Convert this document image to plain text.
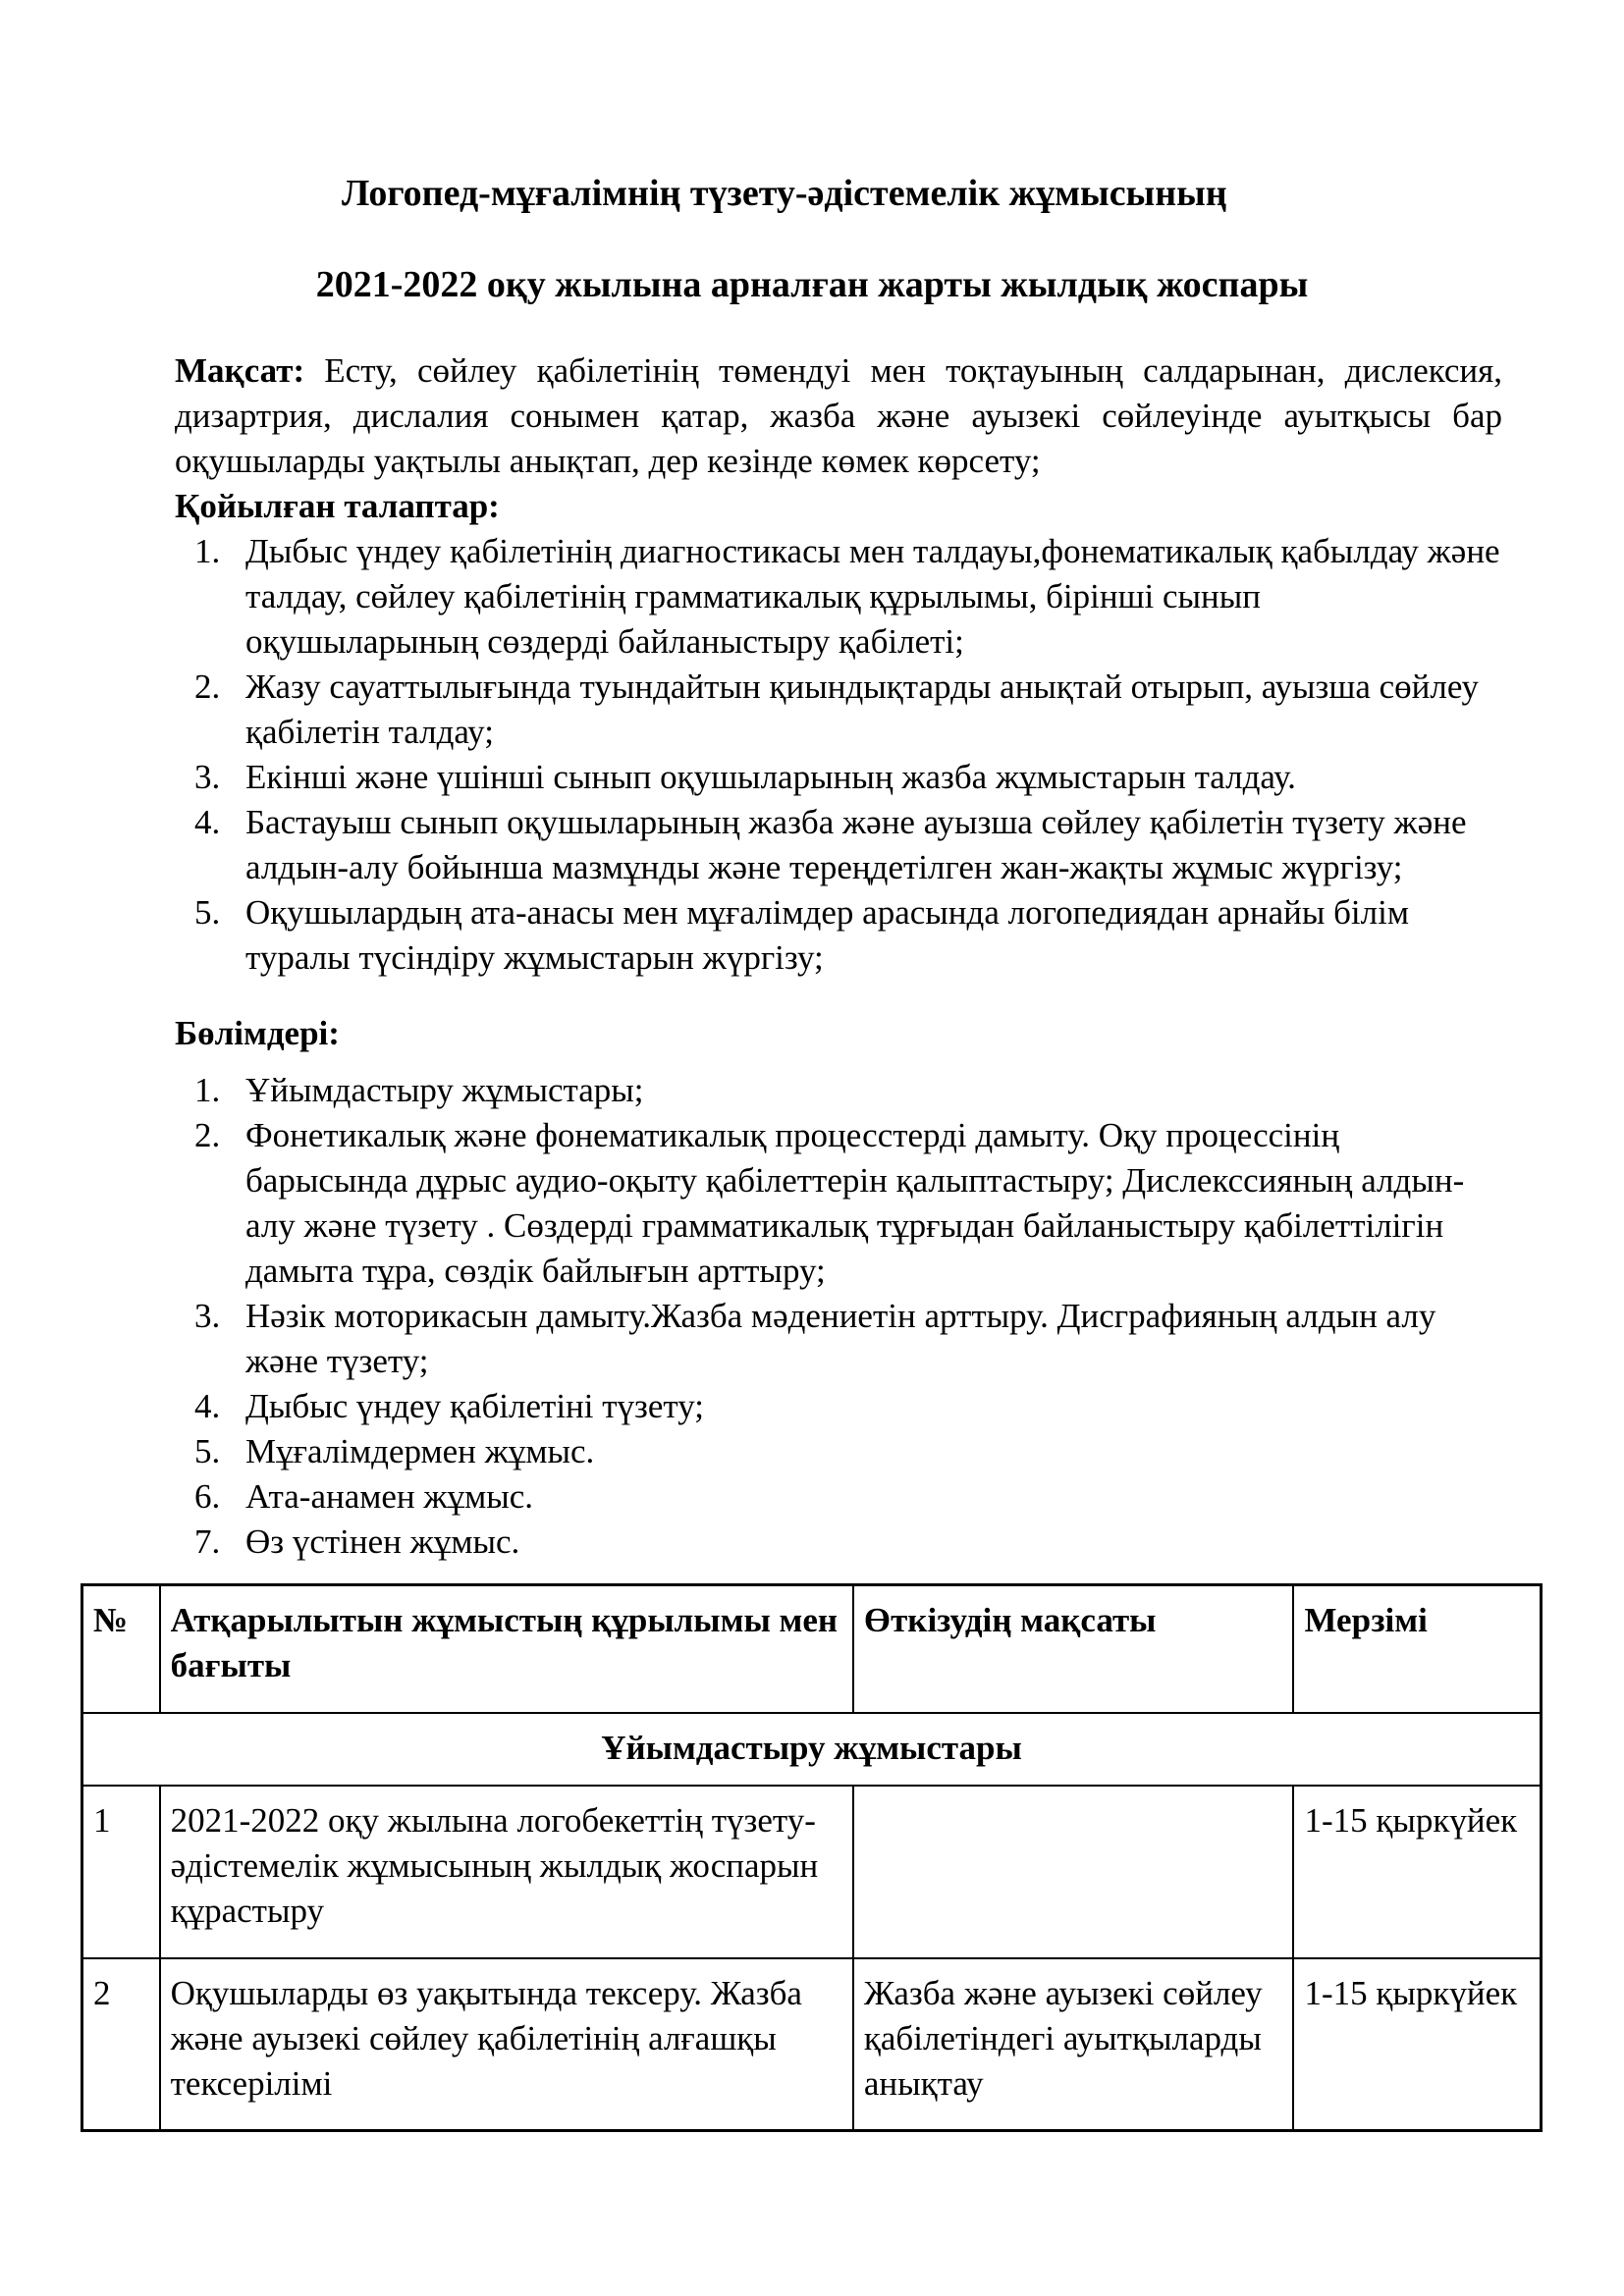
Логопед-мұғалімнің түзету-әдістемелік жұмысының
2021-2022 оқу жылына арналған жарты жылдық жоспары
Мақсат: Есту, сөйлеу қабілетінің төмендуі мен тоқтауының салдарынан, дислексия, дизартрия, дислалия сонымен қатар, жазба және ауызекі сөйлеуінде ауытқысы бар оқушыларды уақтылы анықтап, дер кезінде көмек көрсету;
Қойылған талаптар:
1. Дыбыс үндеу қабілетінің диагностикасы мен талдауы,фонематикалық қабылдау және талдау, сөйлеу қабілетінің грамматикалық құрылымы, бірінші сынып оқушыларының сөздерді байланыстыру қабілеті;
2. Жазу сауаттылығында туындайтын қиындықтарды анықтай отырып, ауызша сөйлеу қабілетін талдау;
3. Екінші және үшінші сынып оқушыларының жазба жұмыстарын талдау.
4. Бастауыш сынып оқушыларының жазба және ауызша сөйлеу қабілетін түзету және алдын-алу бойынша мазмұнды және тереңдетілген жан-жақты жұмыс жүргізу;
5. Оқушылардың ата-анасы мен мұғалімдер арасында логопедиядан арнайы білім туралы түсіндіру жұмыстарын жүргізу;
Бөлімдері:
1. Ұйымдастыру жұмыстары;
2. Фонетикалық және фонематикалық процесстерді дамыту. Оқу процессінің барысында дұрыс аудио-оқыту қабілеттерін қалыптастыру; Дислекссияның алдын-алу және түзету . Сөздерді грамматикалық тұрғыдан байланыстыру қабілеттілігін дамыта тұра, сөздік байлығын арттыру;
3. Нәзік моторикасын дамыту.Жазба мәдениетін арттыру. Дисграфияның алдын алу және түзету;
4. Дыбыс үндеу қабілетіні түзету;
5. Мұғалімдермен жұмыс.
6. Ата-анамен жұмыс.
7. Өз үстінен жұмыс.
№	Атқарылытын жұмыстың құрылымы мен бағыты	Өткізудің мақсаты	Мерзімі
Ұйымдастыру жұмыстары			
1	2021-2022 оқу жылына логобекеттің түзету-әдістемелік жұмысының жылдық жоспарын құрастыру		1-15 қыркүйек
2	Оқушыларды өз уақытында тексеру. Жазба және ауызекі сөйлеу қабілетінің алғашқы тексерілімі	Жазба және ауызекі сөйлеу қабілетіндегі ауытқыларды анықтау	1-15 қыркүйек
